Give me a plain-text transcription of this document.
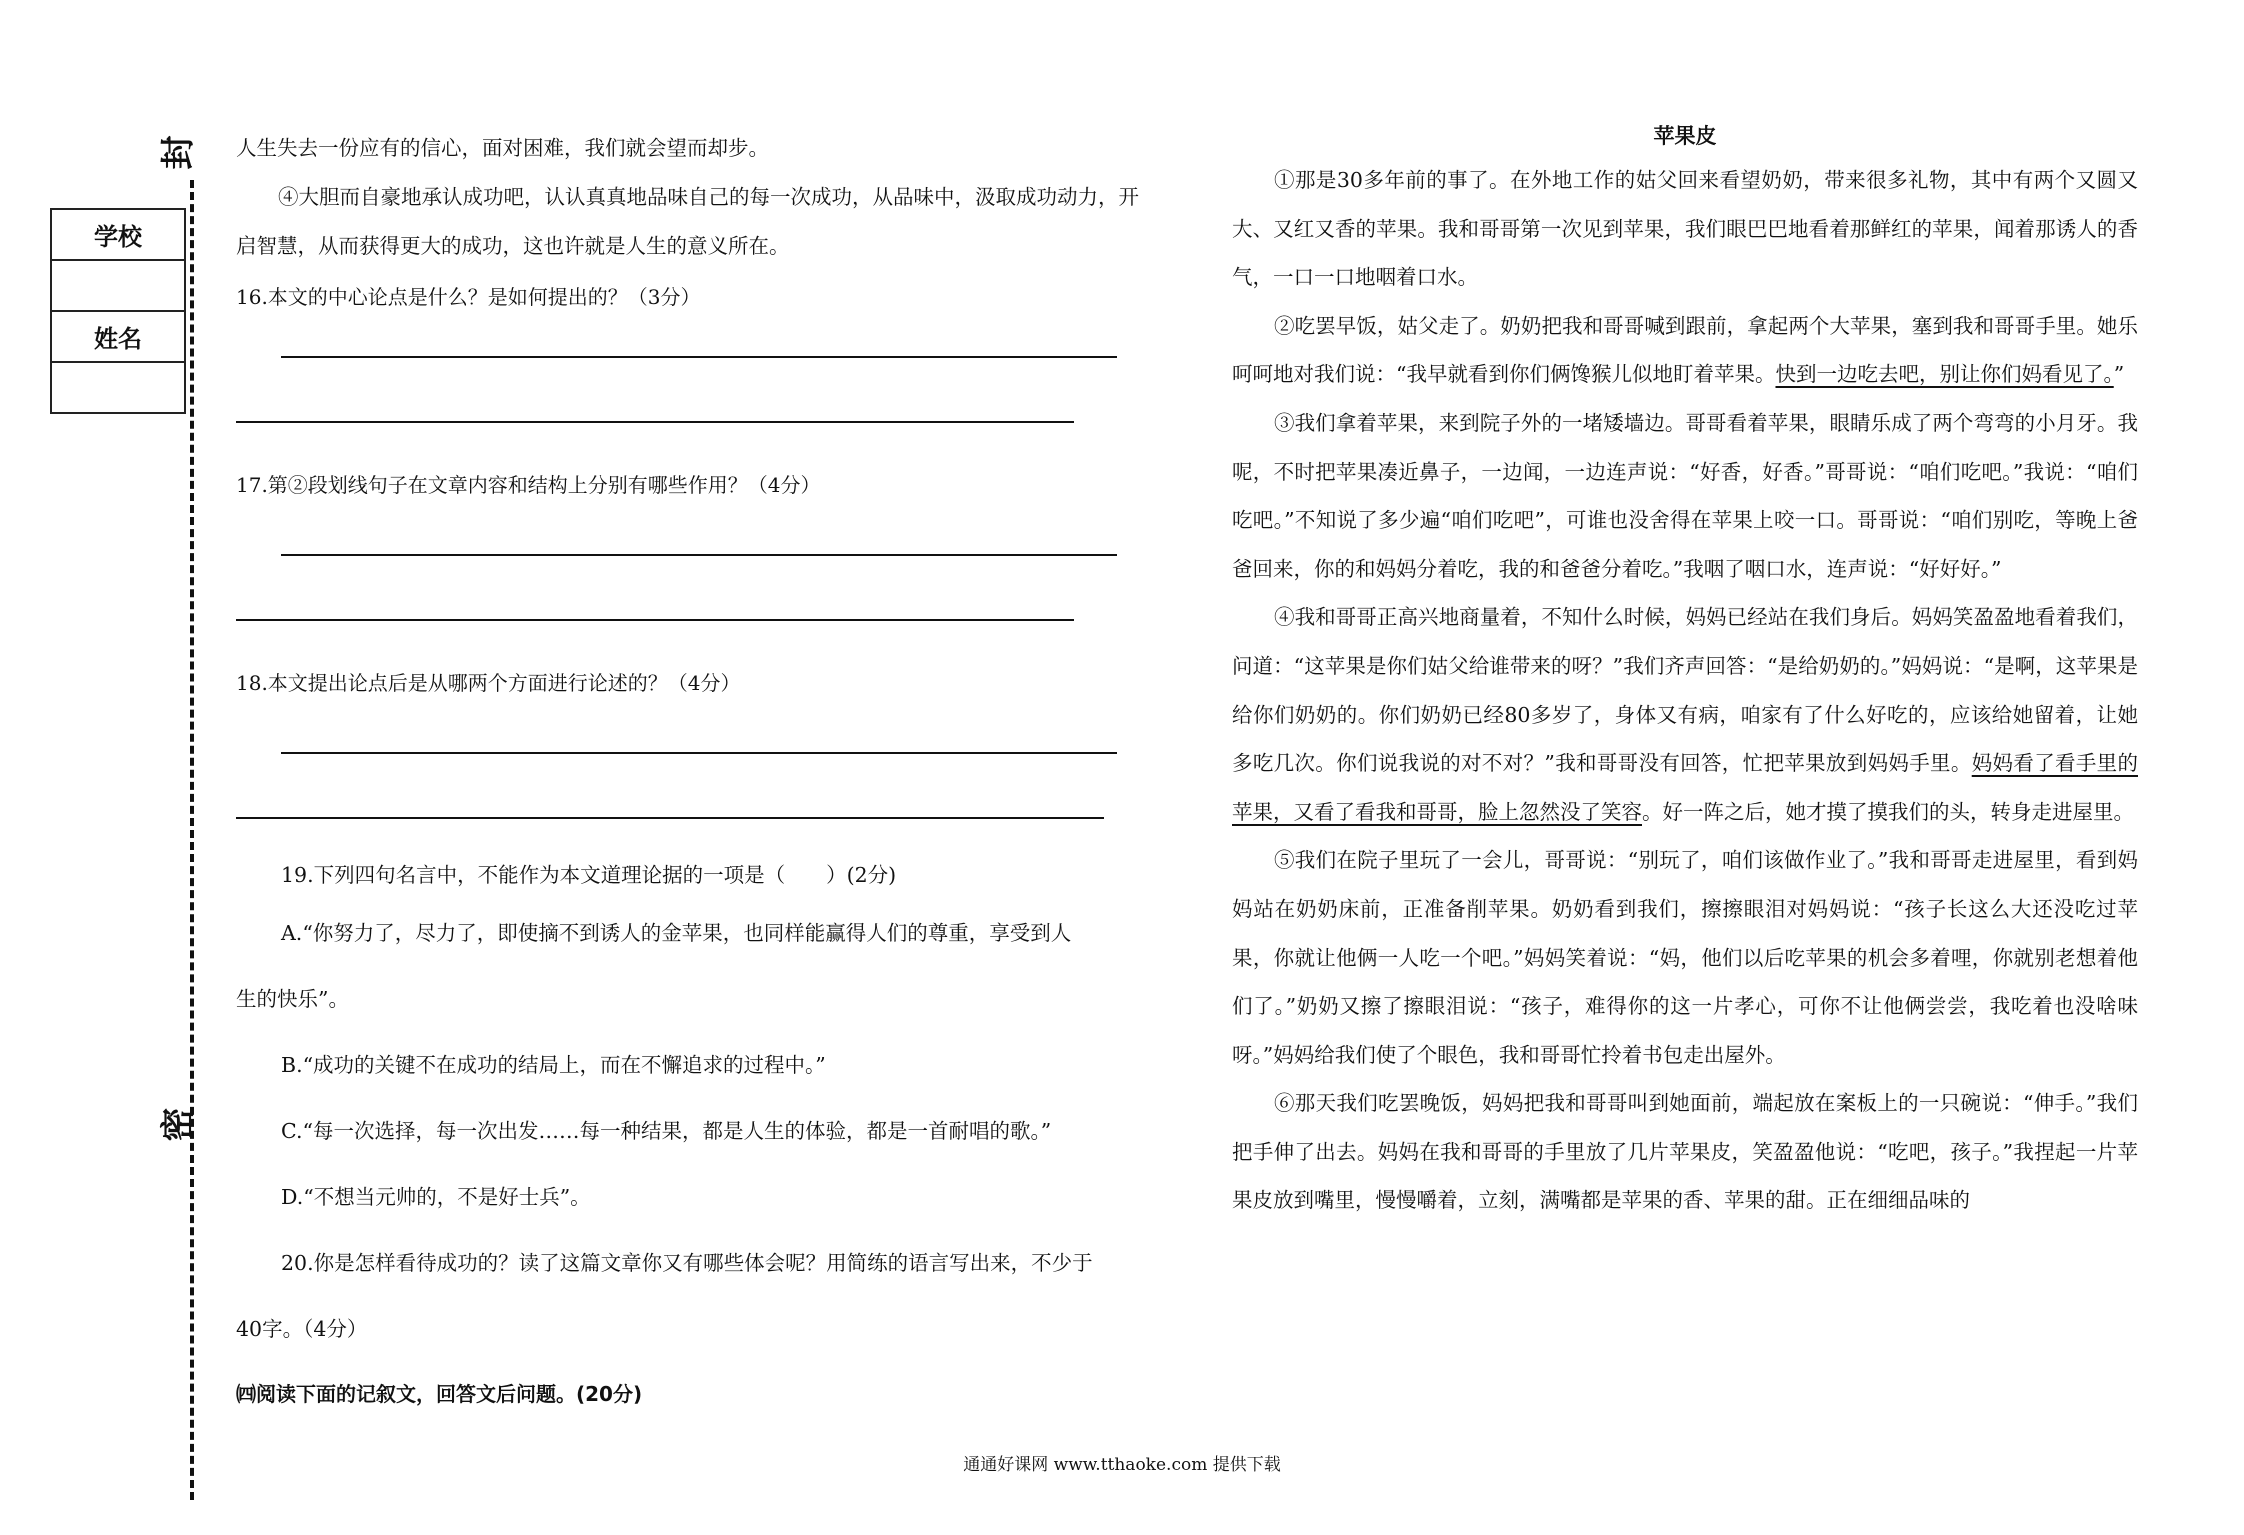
封
密
学校
姓名

人生失去一份应有的信心，面对困难，我们就会望而却步。

④大胆而自豪地承认成功吧，认认真真地品味自己的每一次成功，从品味中，汲取成功动力，开启智慧，从而获得更大的成功，这也许就是人生的意义所在。

16.本文的中心论点是什么？是如何提出的？（3分）

17.第②段划线句子在文章内容和结构上分别有哪些作用？（4分）

18.本文提出论点后是从哪两个方面进行论述的？（4分）

19.下列四句名言中，不能作为本文道理论据的一项是（　　）(2分)

A.“你努力了，尽力了，即使摘不到诱人的金苹果，也同样能赢得人们的尊重，享受到人

生的快乐”。

B.“成功的关键不在成功的结局上，而在不懈追求的过程中。”

C.“每一次选择，每一次出发……每一种结果，都是人生的体验，都是一首耐唱的歌。”

D.“不想当元帅的，不是好士兵”。

20.你是怎样看待成功的？读了这篇文章你又有哪些体会呢？用简练的语言写出来，不少于

40字。（4分）

㈣阅读下面的记叙文，回答文后问题。(20分)

苹果皮

①那是30多年前的事了。在外地工作的姑父回来看望奶奶，带来很多礼物，其中有两个又圆又大、又红又香的苹果。我和哥哥第一次见到苹果，我们眼巴巴地看着那鲜红的苹果，闻着那诱人的香气，一口一口地咽着口水。

②吃罢早饭，姑父走了。奶奶把我和哥哥喊到跟前，拿起两个大苹果，塞到我和哥哥手里。她乐呵呵地对我们说：“我早就看到你们俩馋猴儿似地盯着苹果。快到一边吃去吧，别让你们妈看见了。”

③我们拿着苹果，来到院子外的一堵矮墙边。哥哥看着苹果，眼睛乐成了两个弯弯的小月牙。我呢，不时把苹果凑近鼻子，一边闻，一边连声说：“好香，好香。”哥哥说：“咱们吃吧。”我说：“咱们吃吧。”不知说了多少遍“咱们吃吧”，可谁也没舍得在苹果上咬一口。哥哥说：“咱们别吃，等晚上爸爸回来，你的和妈妈分着吃，我的和爸爸分着吃。”我咽了咽口水，连声说：“好好好。”

④我和哥哥正高兴地商量着，不知什么时候，妈妈已经站在我们身后。妈妈笑盈盈地看着我们，问道：“这苹果是你们姑父给谁带来的呀？”我们齐声回答：“是给奶奶的。”妈妈说：“是啊，这苹果是给你们奶奶的。你们奶奶已经80多岁了，身体又有病，咱家有了什么好吃的，应该给她留着，让她多吃几次。你们说我说的对不对？”我和哥哥没有回答，忙把苹果放到妈妈手里。妈妈看了看手里的苹果，又看了看我和哥哥，脸上忽然没了笑容。好一阵之后，她才摸了摸我们的头，转身走进屋里。

⑤我们在院子里玩了一会儿，哥哥说：“别玩了，咱们该做作业了。”我和哥哥走进屋里，看到妈妈站在奶奶床前，正准备削苹果。奶奶看到我们，擦擦眼泪对妈妈说：“孩子长这么大还没吃过苹果，你就让他俩一人吃一个吧。”妈妈笑着说：“妈，他们以后吃苹果的机会多着哩，你就别老想着他们了。”奶奶又擦了擦眼泪说：“孩子，难得你的这一片孝心，可你不让他俩尝尝，我吃着也没啥味呀。”妈妈给我们使了个眼色，我和哥哥忙拎着书包走出屋外。

⑥那天我们吃罢晚饭，妈妈把我和哥哥叫到她面前，端起放在案板上的一只碗说：“伸手。”我们把手伸了出去。妈妈在我和哥哥的手里放了几片苹果皮，笑盈盈他说：“吃吧，孩子。”我捏起一片苹果皮放到嘴里，慢慢嚼着，立刻，满嘴都是苹果的香、苹果的甜。正在细细品味的

通通好课网 www.tthaoke.com 提供下载
